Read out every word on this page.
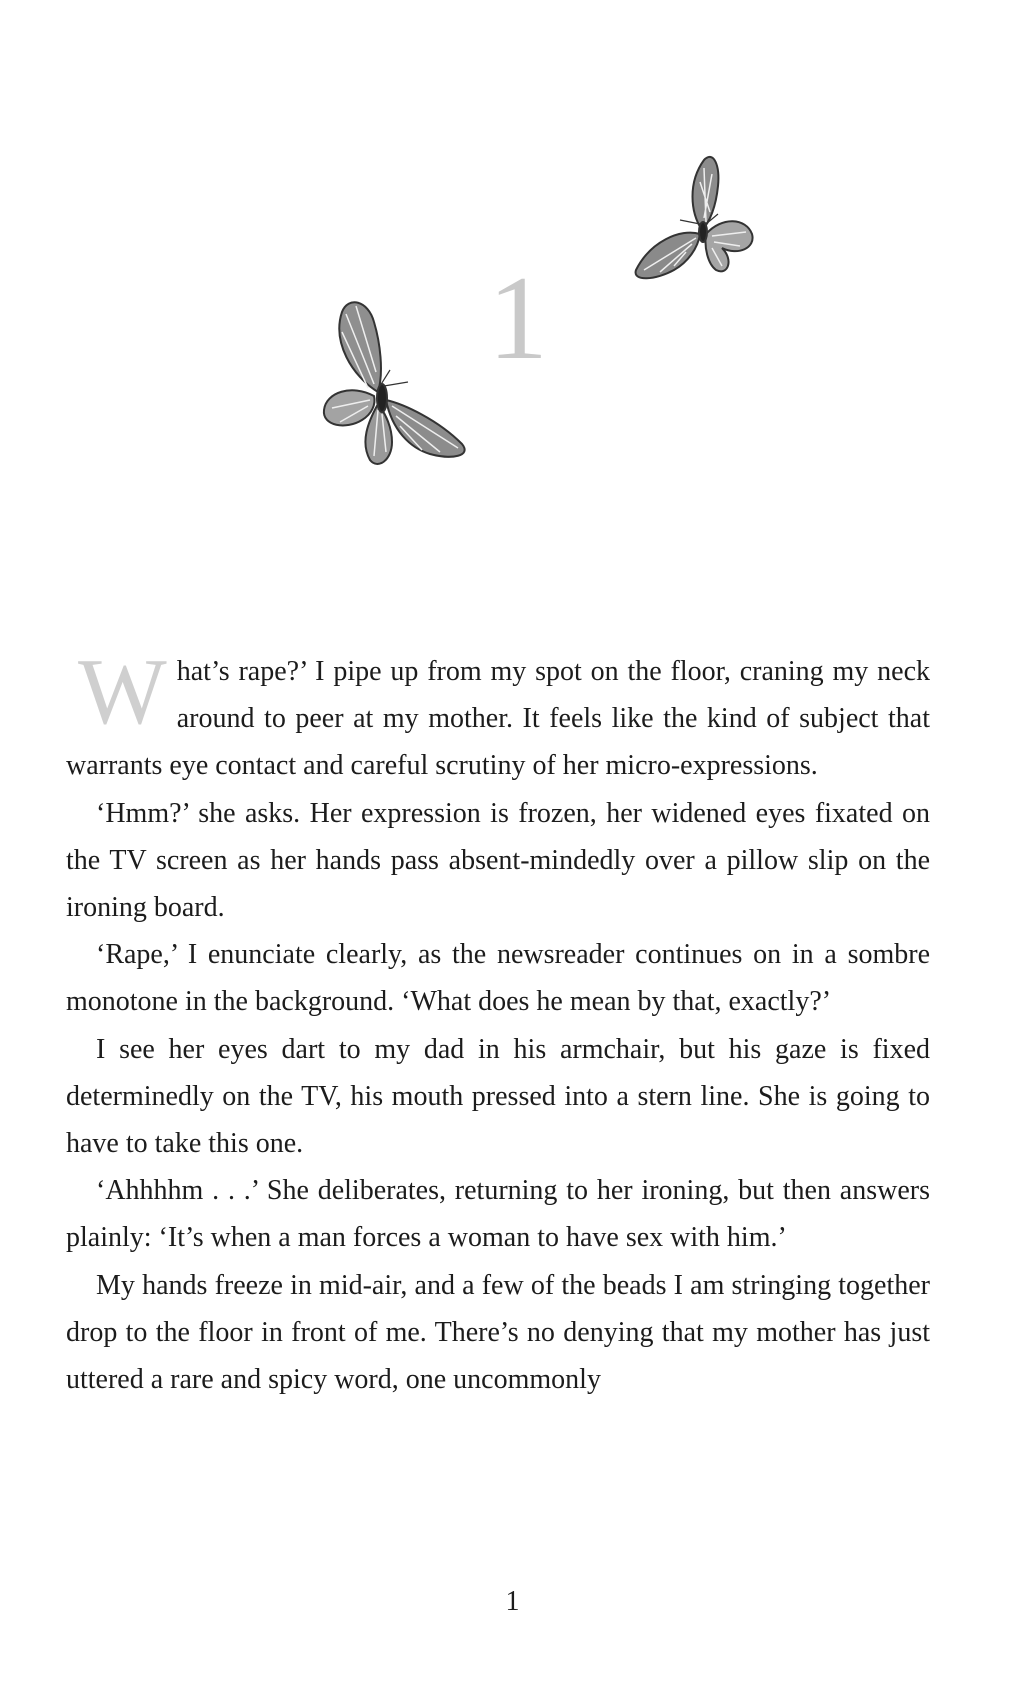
1

What’s rape?’ I pipe up from my spot on the floor, craning my neck around to peer at my mother. It feels like the kind of subject that warrants eye contact and careful scrutiny of her micro-expressions.

‘Hmm?’ she asks. Her expression is frozen, her widened eyes fixated on the TV screen as her hands pass absent-mindedly over a pillow slip on the ironing board.

‘Rape,’ I enunciate clearly, as the newsreader continues on in a sombre monotone in the background. ‘What does he mean by that, exactly?’

I see her eyes dart to my dad in his armchair, but his gaze is fixed determinedly on the TV, his mouth pressed into a stern line. She is going to have to take this one.

‘Ahhhhm . . .’ She deliberates, returning to her ironing, but then answers plainly: ‘It’s when a man forces a woman to have sex with him.’

My hands freeze in mid-air, and a few of the beads I am stringing together drop to the floor in front of me. There’s no denying that my mother has just uttered a rare and spicy word, one uncommonly

1
